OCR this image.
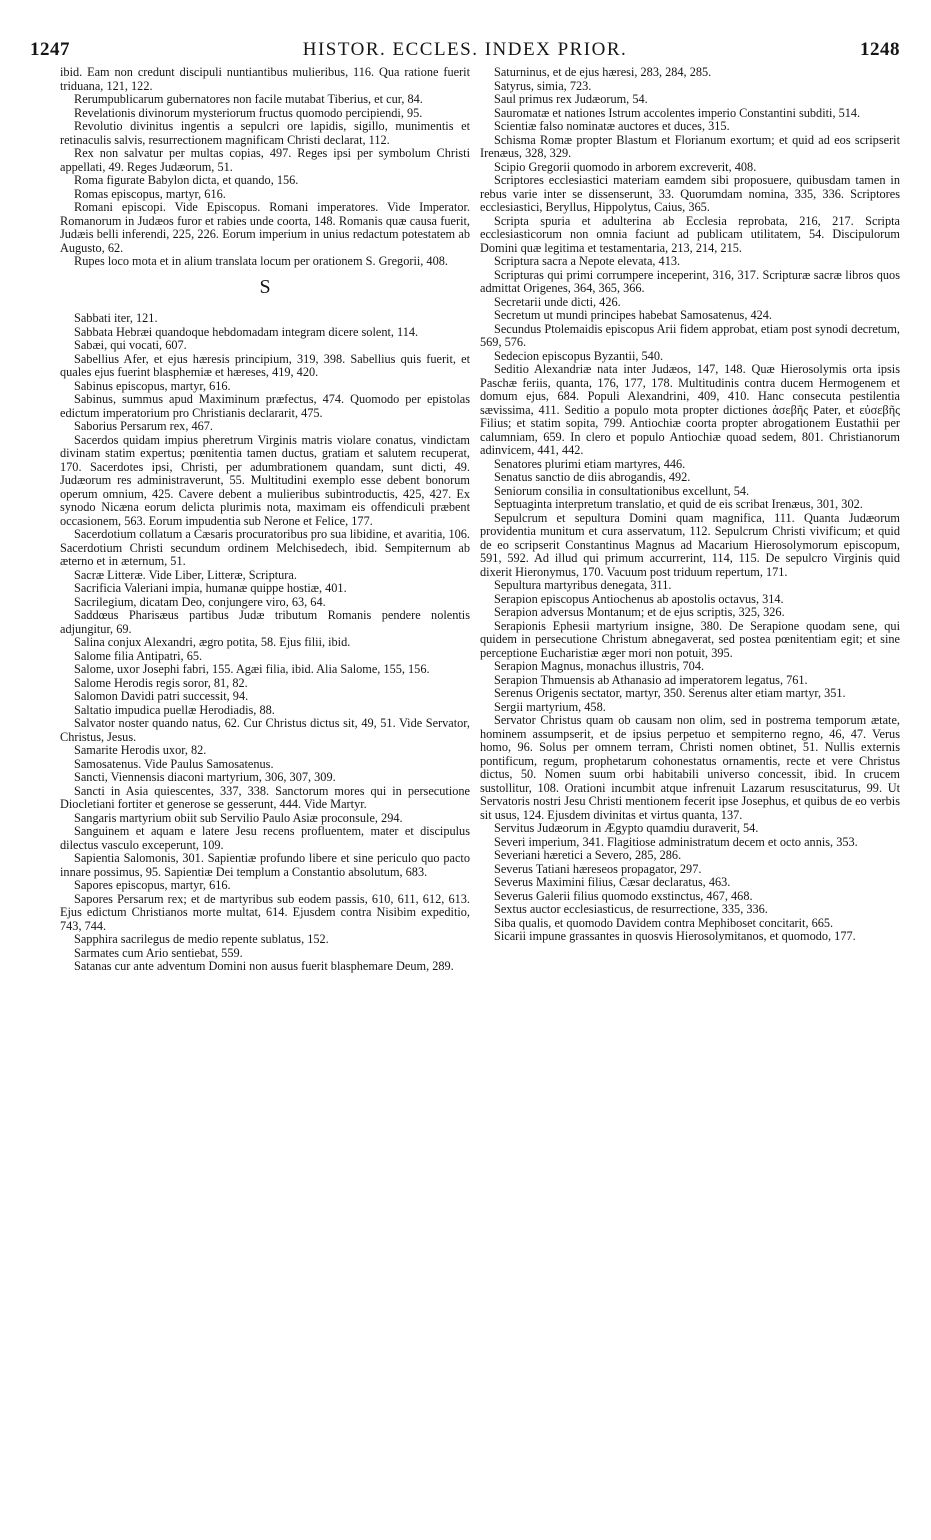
1247	HISTOR. ECCLES. INDEX PRIOR.	1248

ibid. Eam non credunt discipuli nuntiantibus mulieribus, 116. Qua ratione fuerit triduana, 121, 122.

Rerumpublicarum gubernatores non facile mutabat Tiberius, et cur, 84.

Revelationis divinorum mysteriorum fructus quomodo percipiendi, 95.

Revolutio divinitus ingentis a sepulcri ore lapidis, sigillo, munimentis et retinaculis salvis, resurrectionem magnificam Christi declarat, 112.

Rex non salvatur per multas copias, 497. Reges ipsi per symbolum Christi appellati, 49. Reges Judæorum, 51.

Roma figurate Babylon dicta, et quando, 156.

Romas episcopus, martyr, 616.

Romani episcopi. Vide Episcopus. Romani imperatores. Vide Imperator. Romanorum in Judæos furor et rabies unde coorta, 148. Romanis quæ causa fuerit, Judæis belli inferendi, 225, 226. Eorum imperium in unius redactum potestatem ab Augusto, 62.

Rupes loco mota et in alium translata locum per orationem S. Gregorii, 408.

S

Sabbati iter, 121.

Sabbata Hebræi quandoque hebdomadam integram dicere solent, 114.

Sabæi, qui vocati, 607.

Sabellius Afer, et ejus hæresis principium, 319, 398. Sabellius quis fuerit, et quales ejus fuerint blasphemiæ et hæreses, 419, 420.

Sabinus episcopus, martyr, 616.

Sabinus, summus apud Maximinum præfectus, 474. Quomodo per epistolas edictum imperatorium pro Christianis declararit, 475.

Saborius Persarum rex, 467.

Sacerdos quidam impius pheretrum Virginis matris violare conatus, vindictam divinam statim expertus; pœnitentia tamen ductus, gratiam et salutem recuperat, 170. Sacerdotes ipsi, Christi, per adumbrationem quandam, sunt dicti, 49. Judæorum res administraverunt, 55. Multitudini exemplo esse debent bonorum operum omnium, 425. Cavere debent a mulieribus subintroductis, 425, 427. Ex synodo Nicæna eorum delicta plurimis nota, maximam eis offendiculi præbent occasionem, 563. Eorum impudentia sub Nerone et Felice, 177.

Sacerdotium collatum a Cæsaris procuratoribus pro sua libidine, et avaritia, 106. Sacerdotium Christi secundum ordinem Melchisedech, ibid. Sempiternum ab æterno et in æternum, 51.

Sacræ Litteræ. Vide Liber, Litteræ, Scriptura.

Sacrificia Valeriani impia, humanæ quippe hostiæ, 401.

Sacrilegium, dicatam Deo, conjungere viro, 63, 64.

Saddœus Pharisæus partibus Judæ tributum Romanis pendere nolentis adjungitur, 69.

Salina conjux Alexandri, ægro potita, 58. Ejus filii, ibid.

Salome filia Antipatri, 65.

Salome, uxor Josephi fabri, 155. Agæi filia, ibid. Alia Salome, 155, 156.

Salome Herodis regis soror, 81, 82.

Salomon Davidi patri successit, 94.

Saltatio impudica puellæ Herodiadis, 88.

Salvator noster quando natus, 62. Cur Christus dictus sit, 49, 51. Vide Servator, Christus, Jesus.

Samarite Herodis uxor, 82.

Samosatenus. Vide Paulus Samosatenus.

Sancti, Viennensis diaconi martyrium, 306, 307, 309.

Sancti in Asia quiescentes, 337, 338. Sanctorum mores qui in persecutione Diocletiani fortiter et generose se gesserunt, 444. Vide Martyr.

Sangaris martyrium obiit sub Servilio Paulo Asiæ proconsule, 294.

Sanguinem et aquam e latere Jesu recens profluentem, mater et discipulus dilectus vasculo exceperunt, 109.

Sapientia Salomonis, 301. Sapientiæ profundo libere et sine periculo quo pacto innare possimus, 95. Sapientiæ Dei templum a Constantio absolutum, 683.

Sapores episcopus, martyr, 616.

Sapores Persarum rex; et de martyribus sub eodem passis, 610, 611, 612, 613. Ejus edictum Christianos morte multat, 614. Ejusdem contra Nisibim expeditio, 743, 744.

Sapphira sacrilegus de medio repente sublatus, 152.

Sarmates cum Ario sentiebat, 559.

Satanas cur ante adventum Domini non ausus fuerit blasphemare Deum, 289.

Saturninus, et de ejus hæresi, 283, 284, 285.

Satyrus, simia, 723.

Saul primus rex Judæorum, 54.

Sauromatæ et nationes Istrum accolentes imperio Constantini subditi, 514.

Scientiæ falso nominatæ auctores et duces, 315.

Schisma Romæ propter Blastum et Florianum exortum; et quid ad eos scripserit Irenæus, 328, 329.

Scipio Gregorii quomodo in arborem excreverit, 408.

Scriptores ecclesiastici materiam eamdem sibi proposuere, quibusdam tamen in rebus varie inter se dissenserunt, 33. Quorumdam nomina, 335, 336. Scriptores ecclesiastici, Beryllus, Hippolytus, Caius, 365.

Scripta spuria et adulterina ab Ecclesia reprobata, 216, 217. Scripta ecclesiasticorum non omnia faciunt ad publicam utilitatem, 54. Discipulorum Domini quæ legitima et testamentaria, 213, 214, 215.

Scriptura sacra a Nepote elevata, 413.

Scripturas qui primi corrumpere inceperint, 316, 317. Scripturæ sacræ libros quos admittat Origenes, 364, 365, 366.

Secretarii unde dicti, 426.

Secretum ut mundi principes habebat Samosatenus, 424.

Secundus Ptolemaidis episcopus Arii fidem approbat, etiam post synodi decretum, 569, 576.

Sedecion episcopus Byzantii, 540.

Seditio Alexandriæ nata inter Judæos, 147, 148. Quæ Hierosolymis orta ipsis Paschæ feriis, quanta, 176, 177, 178. Multitudinis contra ducem Hermogenem et domum ejus, 684. Populi Alexandrini, 409, 410. Hanc consecuta pestilentia sævissima, 411. Seditio a populo mota propter dictiones ἀσεβῆς Pater, et εὐσεβῆς Filius; et statim sopita, 799. Antiochiæ coorta propter abrogationem Eustathii per calumniam, 659. In clero et populo Antiochiæ quoad sedem, 801. Christianorum adinvicem, 441, 442.

Senatores plurimi etiam martyres, 446.

Senatus sanctio de diis abrogandis, 492.

Seniorum consilia in consultationibus excellunt, 54.

Septuaginta interpretum translatio, et quid de eis scribat Irenæus, 301, 302.

Sepulcrum et sepultura Domini quam magnifica, 111. Quanta Judæorum providentia munitum et cura asservatum, 112. Sepulcrum Christi vivificum; et quid de eo scripserit Constantinus Magnus ad Macarium Hierosolymorum episcopum, 591, 592. Ad illud qui primum accurrerint, 114, 115. De sepulcro Virginis quid dixerit Hieronymus, 170. Vacuum post triduum repertum, 171.

Sepultura martyribus denegata, 311.

Serapion episcopus Antiochenus ab apostolis octavus, 314.

Serapion adversus Montanum; et de ejus scriptis, 325, 326.

Serapionis Ephesii martyrium insigne, 380. De Serapione quodam sene, qui quidem in persecutione Christum abnegaverat, sed postea pœnitentiam egit; et sine perceptione Eucharistiæ æger mori non potuit, 395.

Serapion Magnus, monachus illustris, 704.

Serapion Thmuensis ab Athanasio ad imperatorem legatus, 761.

Serenus Origenis sectator, martyr, 350. Serenus alter etiam martyr, 351.

Sergii martyrium, 458.

Servator Christus quam ob causam non olim, sed in postrema temporum ætate, hominem assumpserit, et de ipsius perpetuo et sempiterno regno, 46, 47. Verus homo, 96. Solus per omnem terram, Christi nomen obtinet, 51. Nullis externis pontificum, regum, prophetarum cohonestatus ornamentis, recte et vere Christus dictus, 50. Nomen suum orbi habitabili universo concessit, ibid. In crucem sustollitur, 108. Orationi incumbit atque infrenuit Lazarum resuscitaturus, 99. Ut Servatoris nostri Jesu Christi mentionem fecerit ipse Josephus, et quibus de eo verbis sit usus, 124. Ejusdem divinitas et virtus quanta, 137.

Servitus Judæorum in Ægypto quamdiu duraverit, 54.

Severi imperium, 341. Flagitiose administratum decem et octo annis, 353.

Severiani hæretici a Severo, 285, 286.

Severus Tatiani hæreseos propagator, 297.

Severus Maximini filius, Cæsar declaratus, 463.

Severus Galerii filius quomodo exstinctus, 467, 468.

Sextus auctor ecclesiasticus, de resurrectione, 335, 336.

Siba qualis, et quomodo Davidem contra Mephiboset concitarit, 665.

Sicarii impune grassantes in quosvis Hierosolymitanos, et quomodo, 177.
